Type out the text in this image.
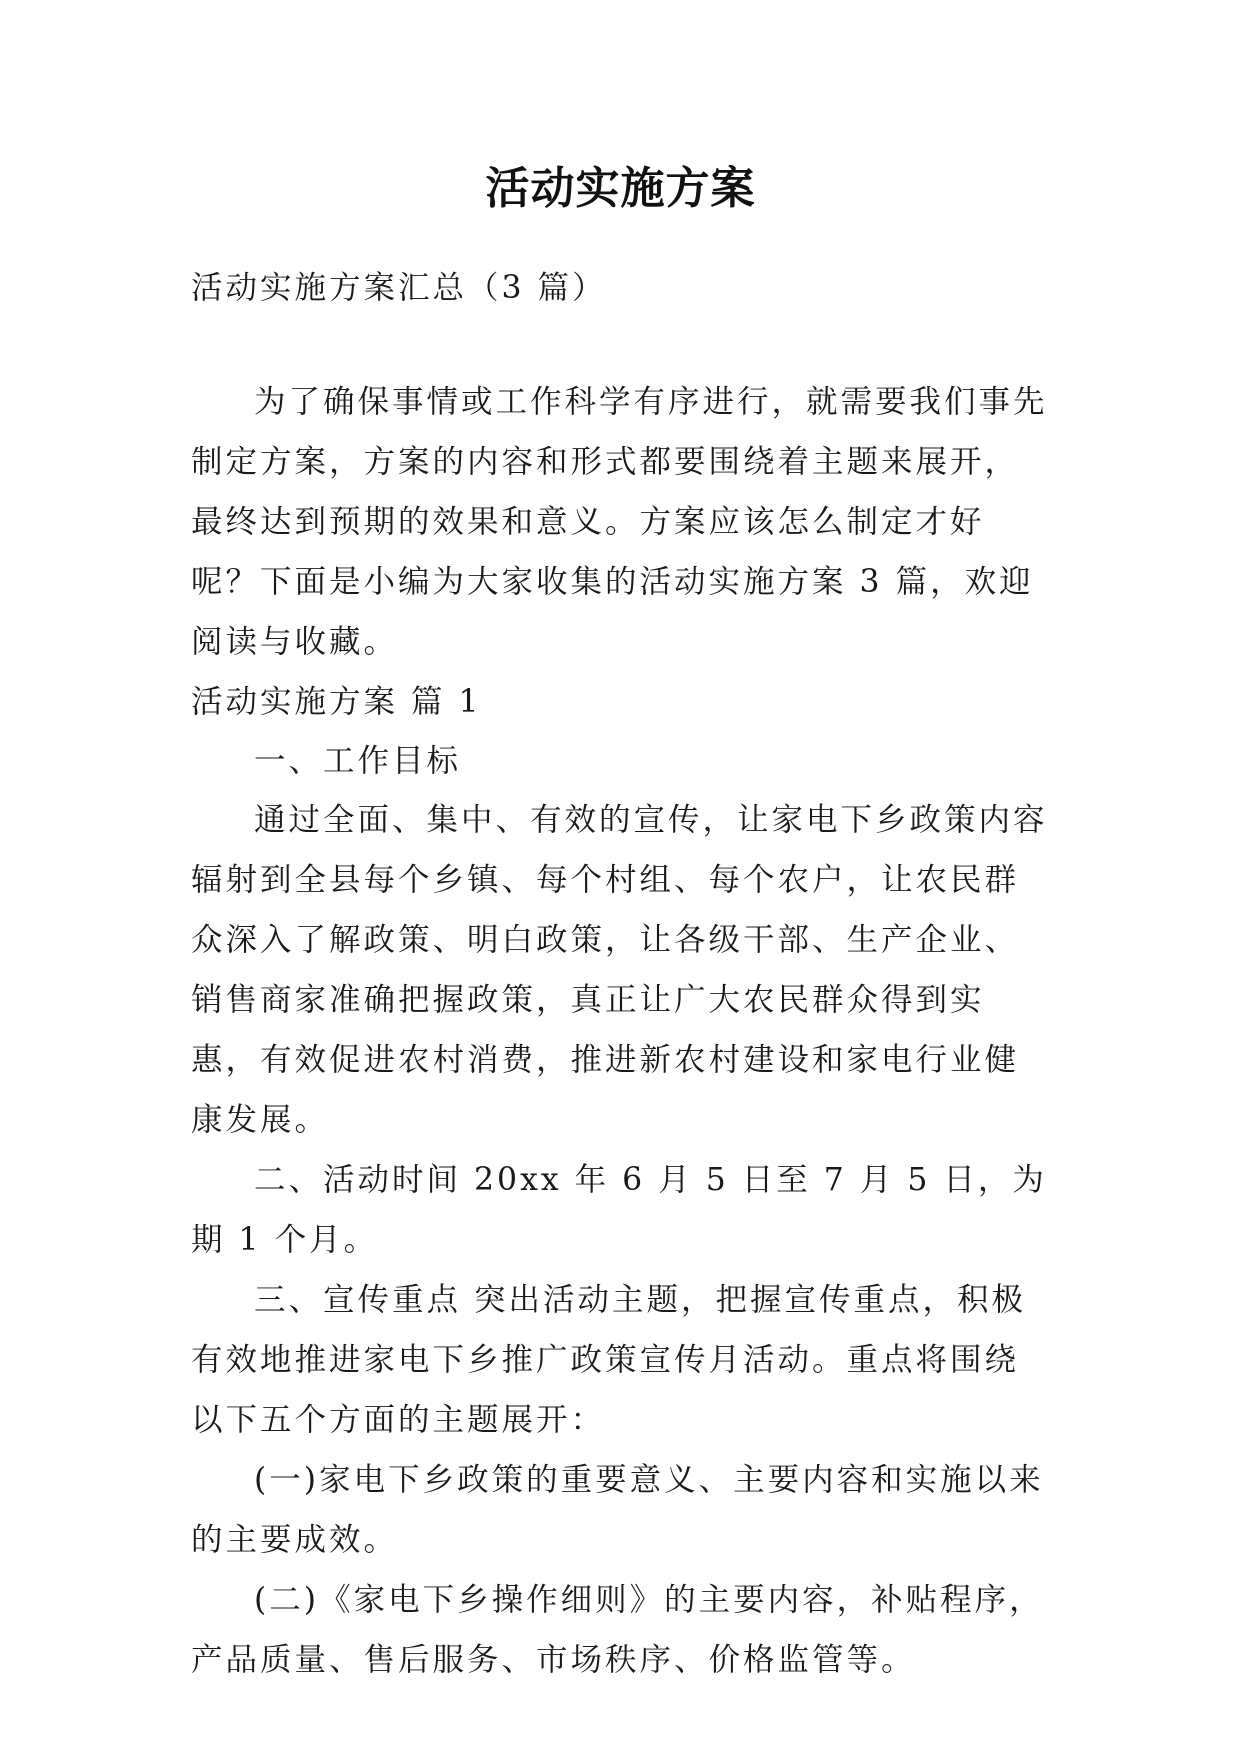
活动实施方案

活动实施方案汇总（3 篇）

为了确保事情或工作科学有序进行，就需要我们事先制定方案，方案的内容和形式都要围绕着主题来展开，最终达到预期的效果和意义。方案应该怎么制定才好呢？下面是小编为大家收集的活动实施方案 3 篇，欢迎阅读与收藏。

活动实施方案 篇 1

一、工作目标

通过全面、集中、有效的宣传，让家电下乡政策内容辐射到全县每个乡镇、每个村组、每个农户，让农民群众深入了解政策、明白政策，让各级干部、生产企业、销售商家准确把握政策，真正让广大农民群众得到实惠，有效促进农村消费，推进新农村建设和家电行业健康发展。

二、活动时间 20xx 年 6 月 5 日至 7 月 5 日，为期 1 个月。

三、宣传重点 突出活动主题，把握宣传重点，积极有效地推进家电下乡推广政策宣传月活动。重点将围绕以下五个方面的主题展开：

(一)家电下乡政策的重要意义、主要内容和实施以来的主要成效。

(二)《家电下乡操作细则》的主要内容，补贴程序，产品质量、售后服务、市场秩序、价格监管等。
